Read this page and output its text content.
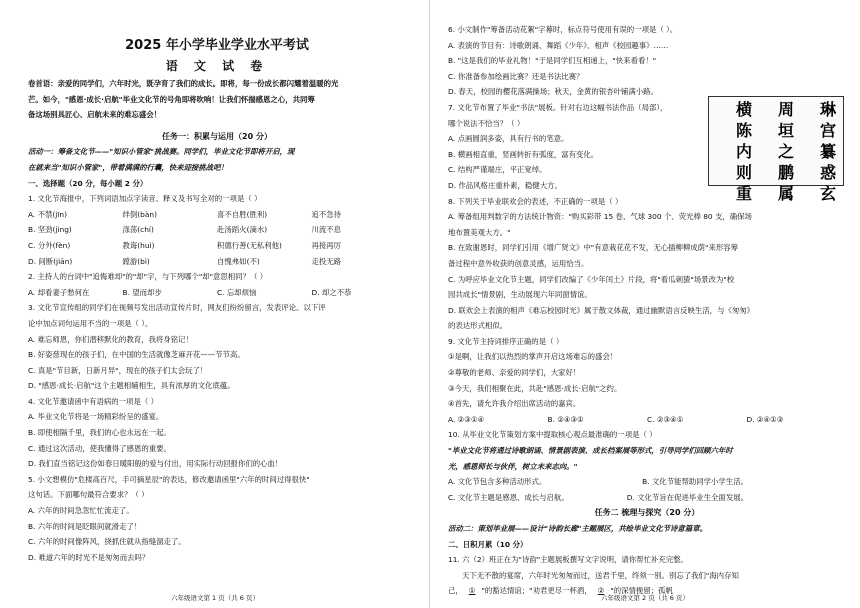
2025 年小学毕业学业水平考试
语 文 试 卷
卷首语：亲爱的同学们，六年时光，既孕育了我们的成长。即将，每一份成长都闪耀着温暖的光
芒。如今，"感恩·成长·启航"毕业文化节的号角即将吹响！让我们怀揣感恩之心，共同筹
备这场别具匠心、启航未来的难忘盛会！
任务一：积累与运用（20 分）
活动一：筹备文化节——"知识小管家"挑战赛。同学们，毕业文化节即将开启，现
在就来当"知识小管家"，带着满满的行囊，快来迎接挑战吧！
一、选择题（20 分，每小题 2 分）
1. 文化节海报中，下列词语加点字读音、释义及书写全对的一项是（ ）
A. 不禁(jīn)	绊倒(bàn)	喜不自胜(胜利)	追不急待
B. 坚劲(jìng)	涤荡(chí)	赴汤蹈火(滴水)	川流不息
C. 分外(fèn)	教诲(huì)	积德行善(无私利他)	再接再厉
D. 间断(jiān)	蹚游(bì)	自愧弗如(不)	走投无路
2. 主持人的台词中"追悔难却"的"却"字，与下列哪个"却"意思相同？（ ）
A. 却看妻子愁何在	B. 望而却步	C. 忘却烦恼	D. 却之不恭
3. 文化节宣传组的同学们在视频号发出活动宣传片时，网友们纷纷留言，发表评论。以下评
论中加点词句运用不当的一项是（ ）。
A. 难忘师恩，你们潜移默化的教育，我将身铭记！
B. 好姿慈现在的孩子们，在中国的生活就像芝麻开花——节节高。
C. 真是"节目新，日新月异"，现在的孩子们太会玩了！
D. "感恩·成长·启航"这个主题相辅相生，具有浓厚的文化底蕴。
4. 文化节邀请函中有语病的一项是（ ）
A. 毕业文化节将是一场精彩纷呈的盛宴。
B. 即使相隔千里，我们的心也永远在一起。
C. 通过这次活动，使我懂得了感恩的重要。
D. 我们直当铭记这份如春日暖阳般的爱与付出，用实际行动回报你们的心血！
5. 小文想模仿"危楼高百尺，手可摘星辰"的表达，修改邀请函里"六年的时间过得很快"
这句话。下面哪句最符合要求？（ ）
A. 六年的时间急忽忙忙流走了。
B. 六年的时间是眨眼间就滑走了！
C. 六年的时间像阵风，挠抓住就从指缝溜走了。
D. 难道六年的时光不是匆匆而去吗？
六年级语文第 1 页（共 6 页）
6. 小文制作"筹备活动花絮"字幕时，标点符号使用有误的一项是（ ）。
A. 表演的节目有：诗歌朗诵、舞蹈《少年》、相声《校园趣事》……
B. "这是我们的毕业礼物！"于是同学们互相递上，"快来看看！"
C. 你准备参加绘画比赛？还是书法比赛？
D. 春天，校园的樱花落满操场；秋天，金黄的银杏叶铺满小路。
7. 文化节布置了毕业"书法"展板。针对右边这幅书法作品（局部），
哪个说法不恰当？（ ）
A. 点画圆润多姿，具有行书的笔意。
B. 横画相直重，竖画转折有弧度，富有变化。
C. 结构严谨端庄，平正宽绰。
D. 作品风格庄重朴素，稳健大方。
8. 下列关于毕业联欢会的表述，不正确的一项是（ ）
A. 筹备组用判数字的方法统计物资："购买彩带 15 卷、气球 300 个、荧光棒 80 支，确保场
地布置美观大方。"
B. 在致谢恩时，同学们引用《增广贤文》中"有意栽花花不发，无心插柳柳成荫"来形容筹
备过程中意外收获的创意灵感，运用恰当。
C. 为呼应毕业文化节主题，同学们改编了《少年闰土》片段，将"看瓜刺猹"场景改为"校
园共成长"情景剧，生动展现六年同窗情谊。
D. 联欢会上表演的相声《难忘校园时光》属于散文体裁，通过幽默语言反映生活，与《匆匆》
的表达形式相似。
9. 文化节主持词排序正确的是（ ）
①是啊，让我们以热烈的掌声开启这场难忘的盛会！
②尊敬的老师、亲爱的同学们，大家好！
③今天，我们相聚在此，共赴"感恩·成长·启航"之约。
④首先，请允许我介绍出席活动的嘉宾。
A. ②③①④	B. ②④③①	C. ②③④①	D. ②④①③
10. 从毕业文化节策划方案中提取核心观点最准确的一项是（ ）
"毕业文化节将通过诗歌朗诵、情景剧表演、成长档案展等形式，引导同学们回顾六年时
光，感恩师长与伙伴，树立未来志向。"
A. 文化节包含多种活动形式。	B. 文化节能帮助同学小学生活。
C. 文化节主题是感恩、成长与启航。	D. 文化节旨在促进毕业生全面发展。
任务二 梳理与探究（20 分）
活动二：策划毕业展——设计"诗韵长廊"主题展区，共绘毕业文化节诗意篇章。
二、日积月累（10 分）
11. 六（2）班正在为"诗韵"主题展板撰写文字说明，请你帮忙补充完整。
天下无不散的宴席，六年时光匆匆而过，送君千里，终须一别。别忘了我们"海内存知
己， ① "的豁达情谊；"劝君更尽一杯酒， ② "的深情挽留；孤帆
琳
宫
纂
惑
玄
周
垣
之
鹏
属
横
陈
内
则
重
六年级语文第 2 页（共 6 页）
